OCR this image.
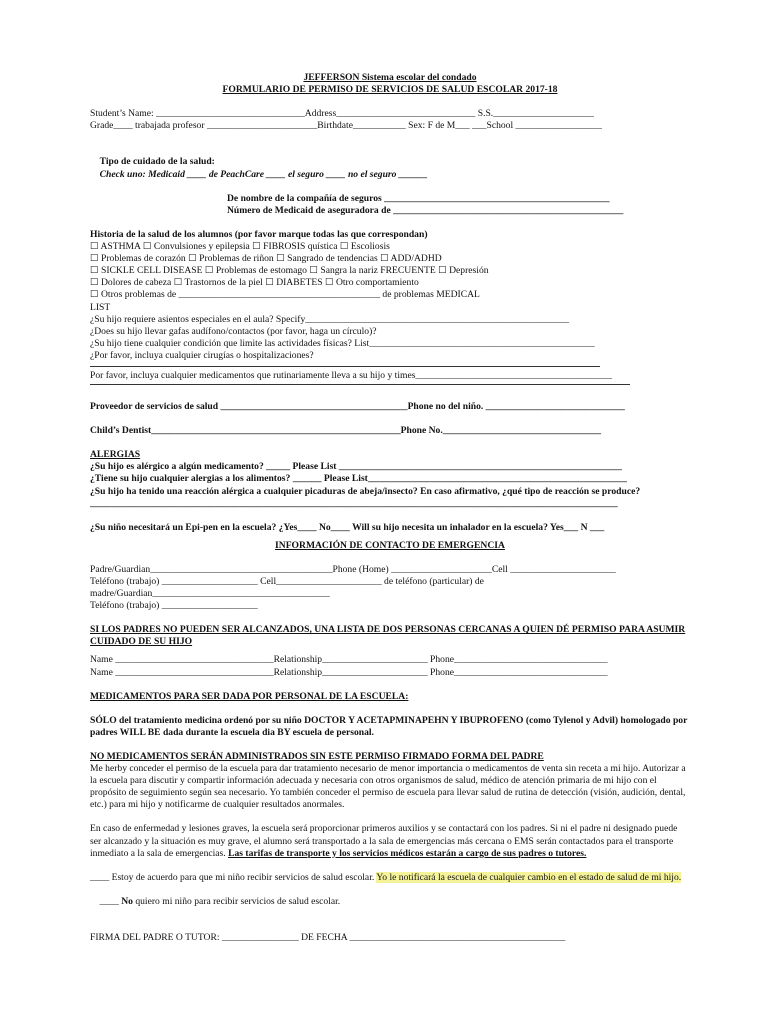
JEFFERSON Sistema escolar del condado
FORMULARIO DE PERMISO DE SERVICIOS DE SALUD ESCOLAR 2017-18
Student’s Name: _______________________________Address_____________________________ S.S._____________________
Grade____ trabajada profesor _______________________Birthdate___________ Sex: F de M___ ___School __________________

Tipo de cuidado de la salud:
Check uno: Medicaid ____ de PeachCare ____ el seguro ____ no el seguro ______

De nombre de la compañía de seguros _______________________________________________
Número de Medicaid de aseguradora de ________________________________________________
Historia de la salud de los alumnos (por favor marque todas las que correspondan)
☐ ASTHMA ☐ Convulsiones y epilepsia ☐ FIBROSIS quística ☐ Escoliosis
☐ Problemas de corazón ☐ Problemas de riñon ☐ Sangrado de tendencias ☐ ADD/ADHD
☐ SICKLE CELL DISEASE ☐ Problemas de estomago ☐ Sangra la nariz FRECUENTE ☐ Depresión
☐ Dolores de cabeza ☐ Trastornos de la piel ☐ DIABETES ☐ Otro comportamiento
☐ Otros problemas de __________________________________________ de problemas MEDICAL
LIST
¿Su hijo requiere asientos especiales en el aula? Specify_______________________________________________________
¿Does su hijo llevar gafas audífono/contactos (por favor, haga un círculo)?
¿Su hijo tiene cualquier condición que limite las actividades físicas? List_______________________________________________
¿Por favor, incluya cualquier cirugías o hospitalizaciones?
Por favor, incluya cualquier medicamentos que rutinariamente lleva a su hijo y times_________________________________________
Proveedor de servicios de salud _______________________________________Phone no del niño. _____________________________
Child’s Dentist____________________________________________________Phone No._________________________________
ALERGIAS
¿Su hijo es alérgico a algún medicamento? _____ Please List ___________________________________________________________
¿Tiene su hijo cualquier alergias a los alimentos? ______ Please List______________________________________________________
¿Su hijo ha tenido una reacción alérgica a cualquier picaduras de abeja/insecto? En caso afirmativo, ¿qué tipo de reacción se produce?
______________________________________________________________________________________________________________
¿Su niño necesitará un Epi-pen en la escuela? ¿Yes____ No____ Will su hijo necesita un inhalador en la escuela? Yes___ N ___
INFORMACIÓN DE CONTACTO DE EMERGENCIA
Padre/Guardian______________________________________Phone (Home) _____________________Cell ______________________
Teléfono (trabajo) ____________________ Cell______________________ de teléfono (particular) de
madre/Guardian_____________________________________
Teléfono (trabajo) ____________________
SI LOS PADRES NO PUEDEN SER ALCANZADOS, UNA LISTA DE DOS PERSONAS CERCANAS A QUIEN DÉ PERMISO PARA ASUMIR CUIDADO DE SU HIJO
Name _________________________________Relationship______________________ Phone________________________________
Name _________________________________Relationship______________________ Phone________________________________
MEDICAMENTOS PARA SER DADA POR PERSONAL DE LA ESCUELA:
SÓLO del tratamiento medicina ordenó por su niño DOCTOR Y ACETAPMINAPEHN Y IBUPROFENO (como Tylenol y Advil) homologado por padres WILL BE dada durante la escuela dia BY escuela de personal.
NO MEDICAMENTOS SERÁN ADMINISTRADOS SIN ESTE PERMISO FIRMADO FORMA DEL PADRE
Me herby conceder el permiso de la escuela para dar tratamiento necesario de menor importancia o medicamentos de venta sin receta a mi hijo. Autorizar a la escuela para discutir y compartir información adecuada y necesaria con otros organismos de salud, médico de atención primaria de mi hijo con el propósito de seguimiento según sea necesario. Yo también conceder el permiso de escuela para llevar salud de rutina de detección (visión, audición, dental, etc.) para mi hijo y notificarme de cualquier resultados anormales.
En caso de enfermedad y lesiones graves, la escuela será proporcionar primeros auxilios y se contactará con los padres. Si ni el padre ni designado puede ser alcanzado y la situación es muy grave, el alumno será transportado a la sala de emergencias más cercana o EMS serán contactados para el transporte inmediato a la sala de emergencias. Las tarifas de transporte y los servicios médicos estarán a cargo de sus padres o tutores.
____ Estoy de acuerdo para que mi niño recibir servicios de salud escolar. Yo le notificará la escuela de cualquier cambio en el estado de salud de mi hijo.

____ No quiero mi niño para recibir servicios de salud escolar.

FIRMA DEL PADRE O TUTOR: ________________ DE FECHA _____________________________________________
